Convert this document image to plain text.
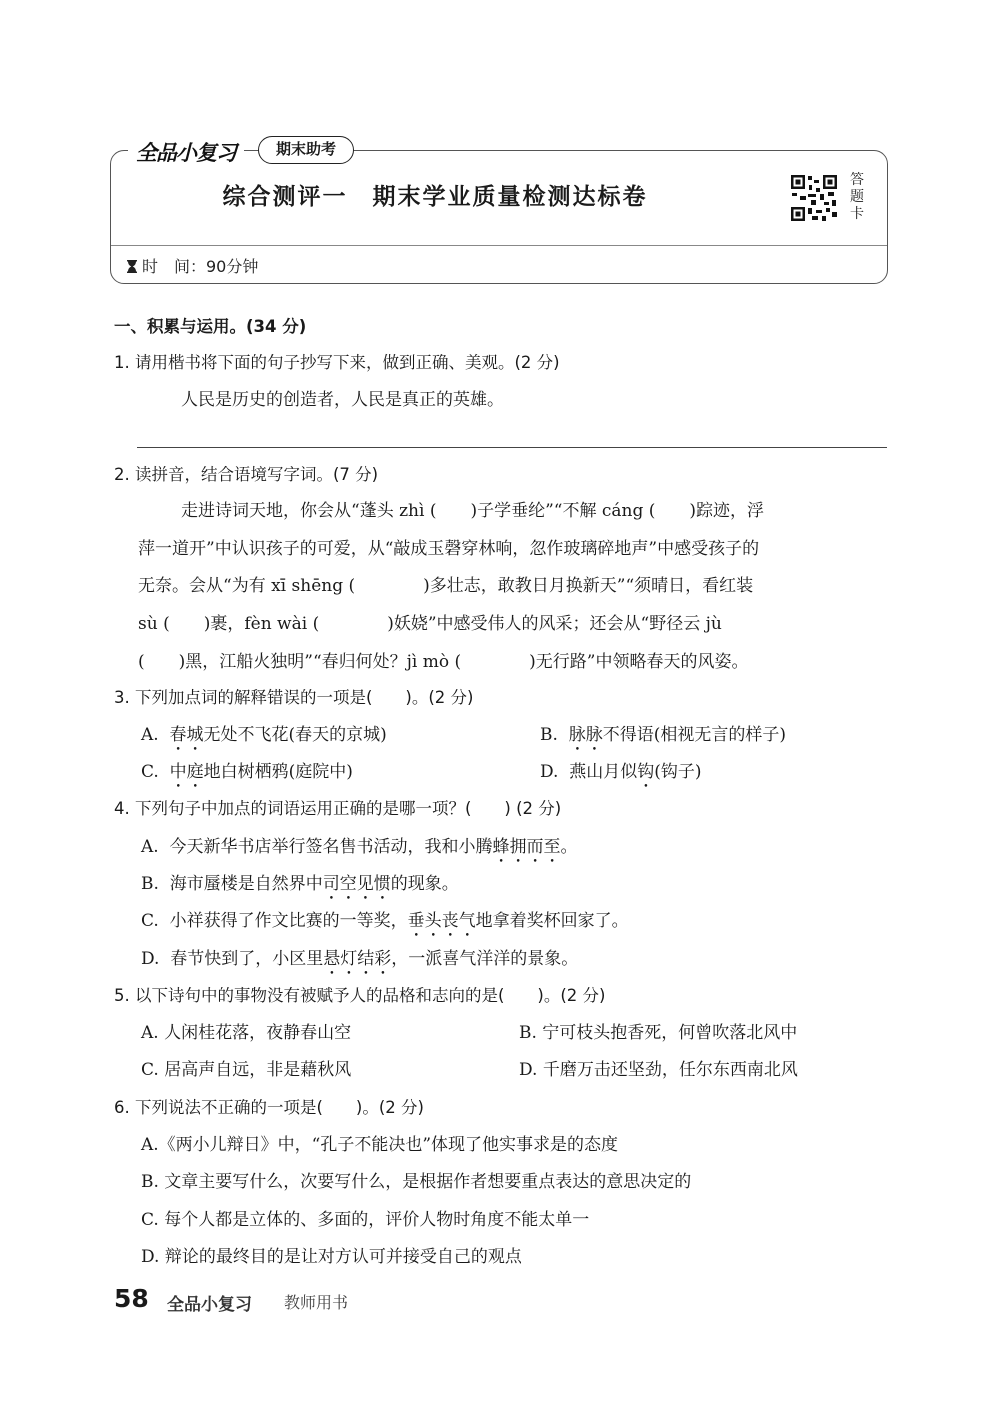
全品小复习	期末助考
综合测评一　期末学业质量检测达标卷
答
题
卡
时　间：90分钟
一、积累与运用。(34 分)
1. 请用楷书将下面的句子抄写下来，做到正确、美观。(2 分)
人民是历史的创造者，人民是真正的英雄。
2. 读拼音，结合语境写字词。(7 分)
走进诗词天地，你会从“蓬头 zhì (　　)子学垂纶”“不解 cáng (　　)踪迹，浮
萍一道开”中认识孩子的可爱，从“敲成玉磬穿林响，忽作玻璃碎地声”中感受孩子的
无奈。会从“为有 xī shēng (　　　　)多壮志，敢教日月换新天”“须晴日，看红装
sù (　　)裹，fèn wài (　　　　)妖娆”中感受伟人的风采；还会从“野径云 jù
(　　)黑，江船火独明”“春归何处？jì mò (　　　　)无行路”中领略春天的风姿。
3. 下列加点词的解释错误的一项是(　　)。(2 分)
A. 春城无处不飞花(春天的京城)	B. 脉脉不得语(相视无言的样子)
C. 中庭地白树栖鸦(庭院中)	D. 燕山月似钩(钩子)
4. 下列句子中加点的词语运用正确的是哪一项？(　　) (2 分)
A. 今天新华书店举行签名售书活动，我和小腾蜂拥而至。
B. 海市蜃楼是自然界中司空见惯的现象。
C. 小祥获得了作文比赛的一等奖，垂头丧气地拿着奖杯回家了。
D. 春节快到了，小区里悬灯结彩，一派喜气洋洋的景象。
5. 以下诗句中的事物没有被赋予人的品格和志向的是(　　)。(2 分)
A. 人闲桂花落，夜静春山空	B. 宁可枝头抱香死，何曾吹落北风中
C. 居高声自远，非是藉秋风	D. 千磨万击还坚劲，任尔东西南北风
6. 下列说法不正确的一项是(　　)。(2 分)
A.《两小儿辩日》中，“孔子不能决也”体现了他实事求是的态度
B. 文章主要写什么，次要写什么，是根据作者想要重点表达的意思决定的
C. 每个人都是立体的、多面的，评价人物时角度不能太单一
D. 辩论的最终目的是让对方认可并接受自己的观点
58 全品小复习 教师用书
